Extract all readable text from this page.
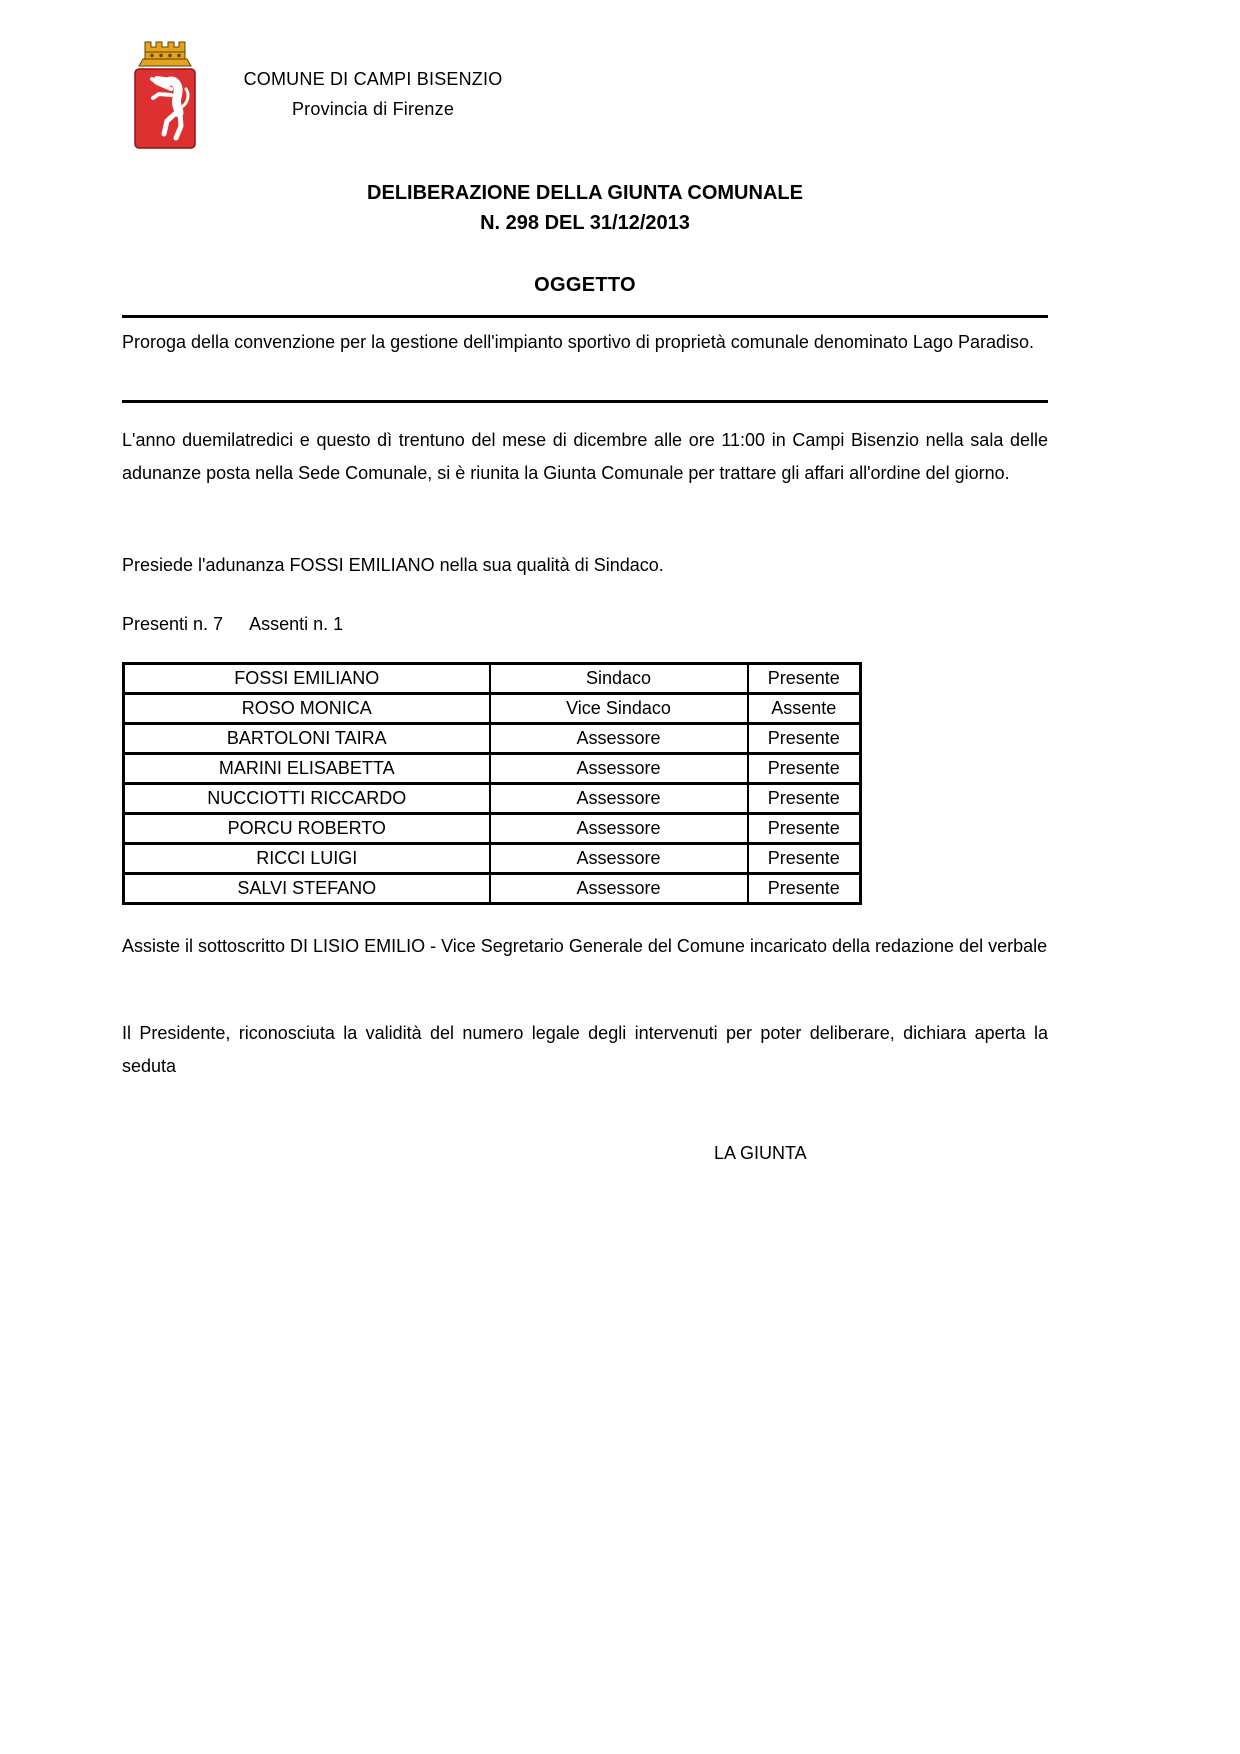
COMUNE DI CAMPI BISENZIO
Provincia di Firenze
DELIBERAZIONE DELLA GIUNTA COMUNALE
N. 298 DEL 31/12/2013
OGGETTO
Proroga della convenzione per la gestione dell'impianto sportivo di proprietà comunale denominato Lago Paradiso.
L'anno duemilatredici e questo dì trentuno del mese di dicembre alle ore 11:00 in Campi Bisenzio nella sala delle adunanze posta nella Sede Comunale, si è riunita la Giunta Comunale per trattare gli affari all'ordine del giorno.
Presiede l'adunanza FOSSI EMILIANO nella sua qualità di Sindaco.
Presenti n. 7 Assenti n. 1
FOSSI EMILIANO	Sindaco	Presente
ROSO MONICA	Vice Sindaco	Assente
BARTOLONI TAIRA	Assessore	Presente
MARINI ELISABETTA	Assessore	Presente
NUCCIOTTI RICCARDO	Assessore	Presente
PORCU ROBERTO	Assessore	Presente
RICCI LUIGI	Assessore	Presente
SALVI STEFANO	Assessore	Presente
Assiste il sottoscritto DI LISIO EMILIO - Vice Segretario Generale del Comune incaricato della redazione del verbale
Il Presidente, riconosciuta la validità del numero legale degli intervenuti per poter deliberare, dichiara aperta la seduta
LA GIUNTA
